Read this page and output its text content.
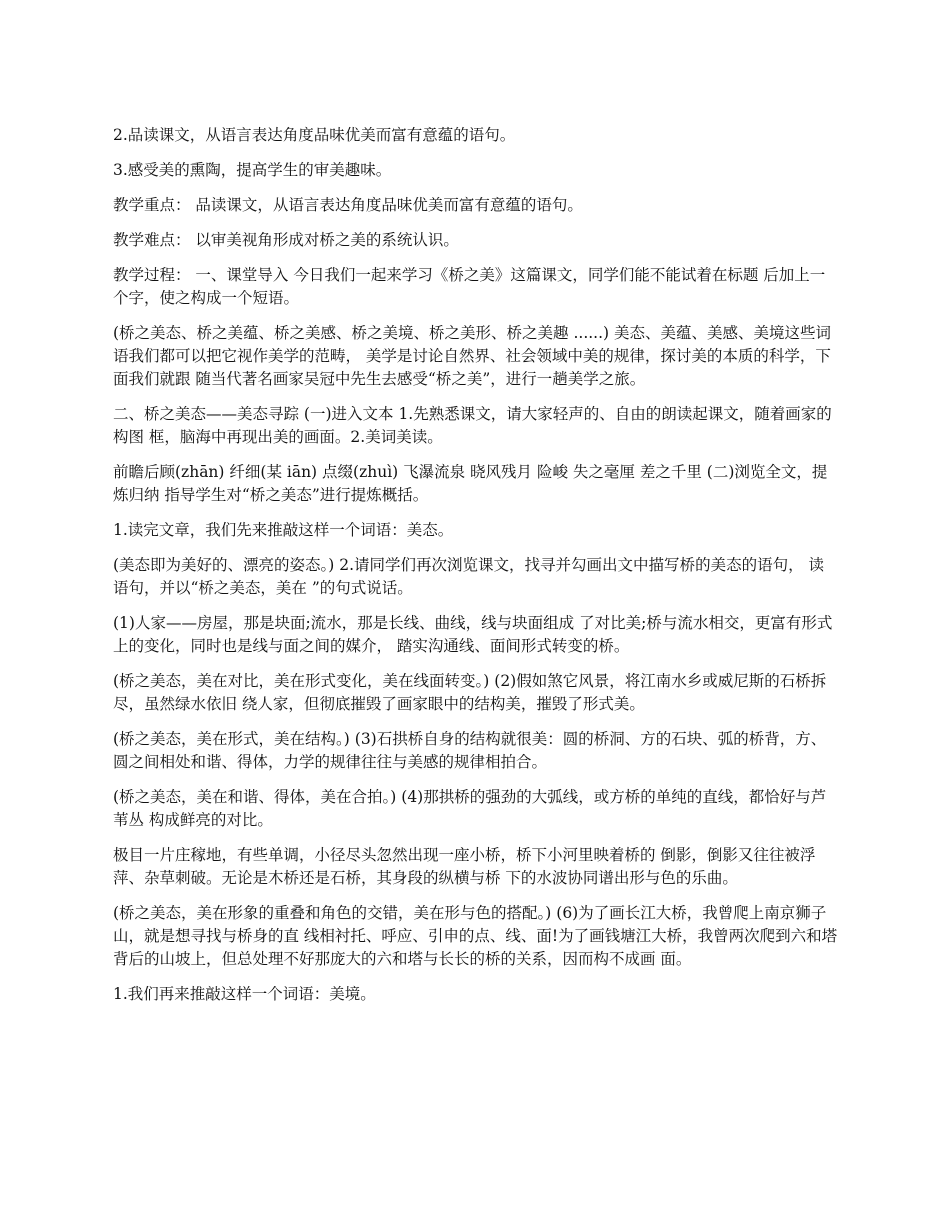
2.品读课文，从语言表达角度品味优美而富有意蕴的语句。

3.感受美的熏陶，提高学生的审美趣味。

教学重点： 品读课文，从语言表达角度品味优美而富有意蕴的语句。

教学难点： 以审美视角形成对桥之美的系统认识。

教学过程： 一、课堂导入 今日我们一起来学习《桥之美》这篇课文，同学们能不能试着在标题 后加上一个字，使之构成一个短语。

(桥之美态、桥之美蕴、桥之美感、桥之美境、桥之美形、桥之美趣 ......) 美态、美蕴、美感、美境这些词语我们都可以把它视作美学的范畴， 美学是讨论自然界、社会领域中美的规律，探讨美的本质的科学，下面我们就跟 随当代著名画家吴冠中先生去感受“桥之美”，进行一趟美学之旅。

二、桥之美态——美态寻踪 (一)进入文本 1.先熟悉课文，请大家轻声的、自由的朗读起课文，随着画家的构图 框，脑海中再现出美的画面。2.美词美读。

前瞻后顾(zhān) 纤细(某 iān) 点缀(zhuì) 飞瀑流泉 晓风残月 险峻 失之毫厘 差之千里 (二)浏览全文，提炼归纳 指导学生对“桥之美态”进行提炼概括。

1.读完文章，我们先来推敲这样一个词语：美态。

(美态即为美好的、漂亮的姿态。) 2.请同学们再次浏览课文，找寻并勾画出文中描写桥的美态的语句， 读语句，并以“桥之美态，美在 ”的句式说话。

(1)人家——房屋，那是块面;流水，那是长线、曲线，线与块面组成 了对比美;桥与流水相交，更富有形式上的变化，同时也是线与面之间的媒介， 踏实沟通线、面间形式转变的桥。

(桥之美态，美在对比，美在形式变化，美在线面转变。) (2)假如煞它风景，将江南水乡或威尼斯的石桥拆尽，虽然绿水依旧 绕人家，但彻底摧毁了画家眼中的结构美，摧毁了形式美。

(桥之美态，美在形式，美在结构。) (3)石拱桥自身的结构就很美：圆的桥洞、方的石块、弧的桥背，方、 圆之间相处和谐、得体，力学的规律往往与美感的规律相拍合。

(桥之美态，美在和谐、得体，美在合拍。) (4)那拱桥的强劲的大弧线，或方桥的单纯的直线，都恰好与芦苇丛 构成鲜亮的对比。

极目一片庄稼地，有些单调，小径尽头忽然出现一座小桥，桥下小河里映着桥的 倒影，倒影又往往被浮萍、杂草刺破。无论是木桥还是石桥，其身段的纵横与桥 下的水波协同谱出形与色的乐曲。

(桥之美态，美在形象的重叠和角色的交错，美在形与色的搭配。) (6)为了画长江大桥，我曾爬上南京狮子山，就是想寻找与桥身的直 线相衬托、呼应、引申的点、线、面!为了画钱塘江大桥，我曾两次爬到六和塔 背后的山坡上，但总处理不好那庞大的六和塔与长长的桥的关系，因而构不成画 面。

1.我们再来推敲这样一个词语：美境。
